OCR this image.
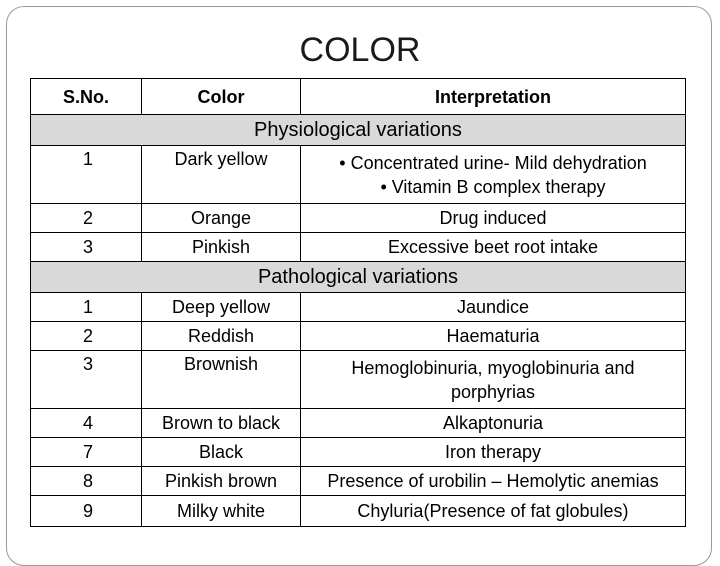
COLOR
S.No.	Color	Interpretation
Physiological variations		
1	Dark yellow	• Concentrated urine- Mild dehydration
• Vitamin B complex therapy

2	Orange	Drug induced
3	Pinkish	Excessive beet root intake
Pathological variations		
1	Deep yellow	Jaundice
2	Reddish	Haematuria
3	Brownish	Hemoglobinuria, myoglobinuria and
porphyrias

4	Brown to black	Alkaptonuria
7	Black	Iron therapy
8	Pinkish brown	Presence of urobilin – Hemolytic anemias
9	Milky white	Chyluria(Presence of fat globules)
